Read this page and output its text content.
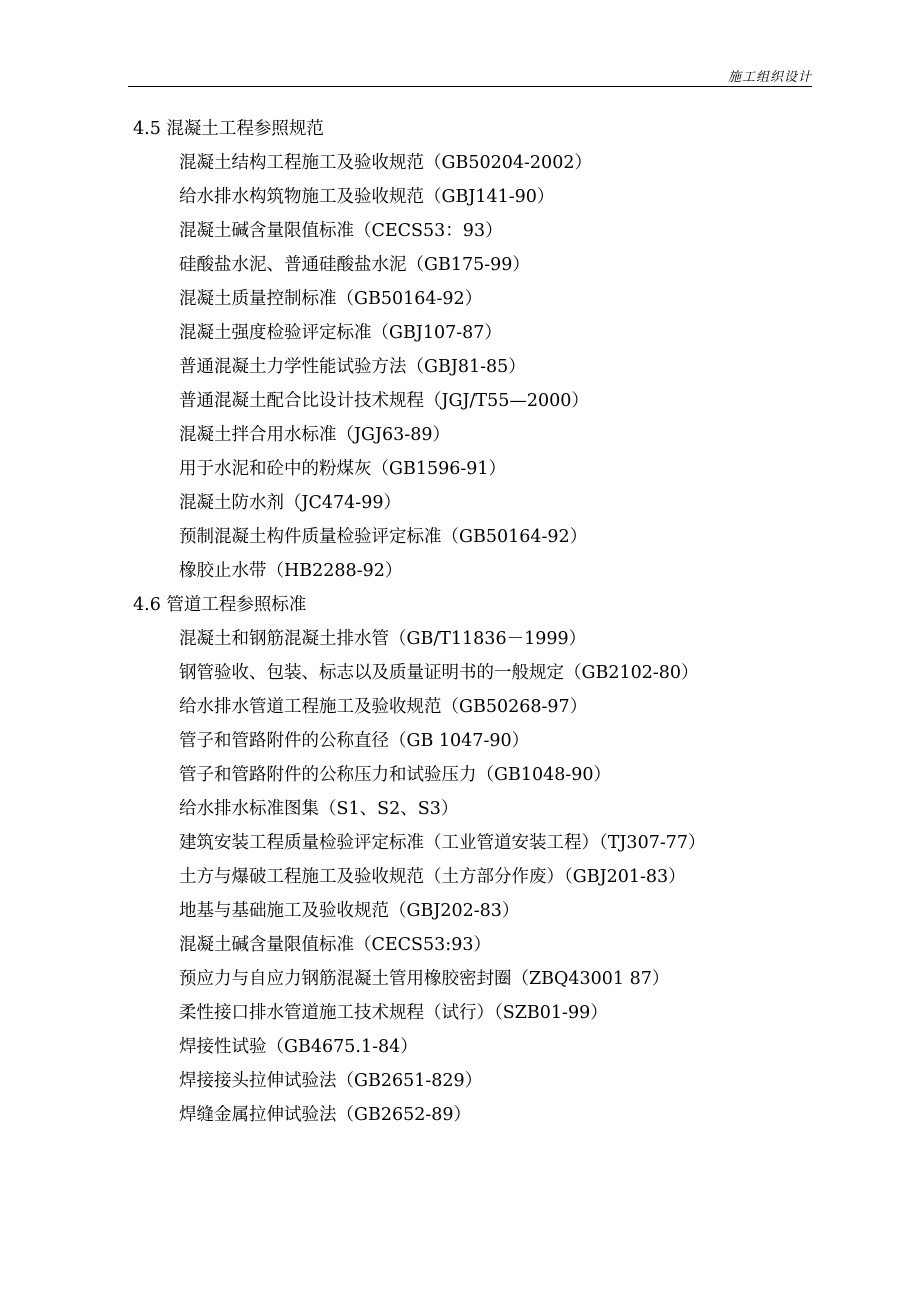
施工组织设计
4.5 混凝土工程参照规范
混凝土结构工程施工及验收规范（GB50204-2002）
给水排水构筑物施工及验收规范（GBJ141-90）
混凝土碱含量限值标准（CECS53：93）
硅酸盐水泥、普通硅酸盐水泥（GB175-99）
混凝土质量控制标准（GB50164-92）
混凝土强度检验评定标准（GBJ107-87）
普通混凝土力学性能试验方法（GBJ81-85）
普通混凝土配合比设计技术规程（JGJ/T55—2000）
混凝土拌合用水标准（JGJ63-89）
用于水泥和砼中的粉煤灰（GB1596-91）
混凝土防水剂（JC474-99）
预制混凝土构件质量检验评定标准（GB50164-92）
橡胶止水带（HB2288-92）
4.6 管道工程参照标准
混凝土和钢筋混凝土排水管（GB/T11836－1999）
钢管验收、包装、标志以及质量证明书的一般规定（GB2102-80）
给水排水管道工程施工及验收规范（GB50268-97）
管子和管路附件的公称直径（GB 1047-90）
管子和管路附件的公称压力和试验压力（GB1048-90）
给水排水标准图集（S1、S2、S3）
建筑安装工程质量检验评定标准（工业管道安装工程）（TJ307-77）
土方与爆破工程施工及验收规范（土方部分作废）（GBJ201-83）
地基与基础施工及验收规范（GBJ202-83）
混凝土碱含量限值标准（CECS53:93）
预应力与自应力钢筋混凝土管用橡胶密封圈（ZBQ43001 87）
柔性接口排水管道施工技术规程（试行）（SZB01-99）
焊接性试验（GB4675.1-84）
焊接接头拉伸试验法（GB2651-829）
焊缝金属拉伸试验法（GB2652-89）
